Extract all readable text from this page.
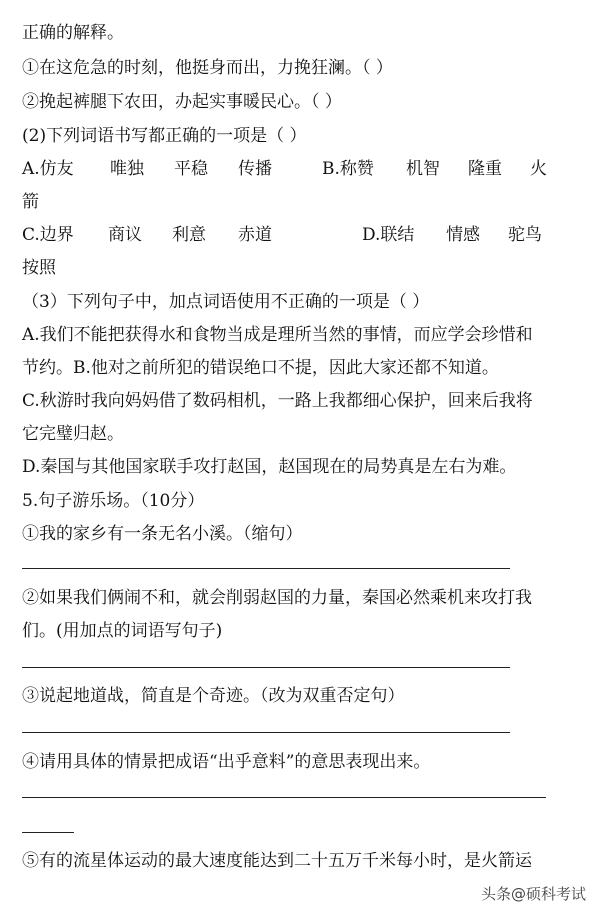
正确的解释。
①在这危急的时刻，他挺身而出，力挽狂澜。（ ）
②挽起裤腿下农田，办起实事暖民心。（ ）
(2)下列词语书写都正确的一项是（ ）
A.仿友	唯独	平稳	传播	B.称赞	机智	隆重	火
箭
C.边界	商议	利意	赤道	D.联结	情感	驼鸟
按照
（3）下列句子中，加点词语使用不正确的一项是（ ）
A.我们不能把获得水和食物当成是理所当然的事情，而应学会珍惜和
节约。B.他对之前所犯的错误绝口不提，因此大家还都不知道。
C.秋游时我向妈妈借了数码相机，一路上我都细心保护，回来后我将
它完璧归赵。
D.秦国与其他国家联手攻打赵国，赵国现在的局势真是左右为难。
5.句子游乐场。（10分）
①我的家乡有一条无名小溪。（缩句）
②如果我们俩闹不和，就会削弱赵国的力量，秦国必然乘机来攻打我
们。(用加点的词语写句子)
③说起地道战，简直是个奇迹。（改为双重否定句）
④请用具体的情景把成语“出乎意料”的意思表现出来。
⑤有的流星体运动的最大速度能达到二十五万千米每小时，是火箭运
头条@硕科考试
